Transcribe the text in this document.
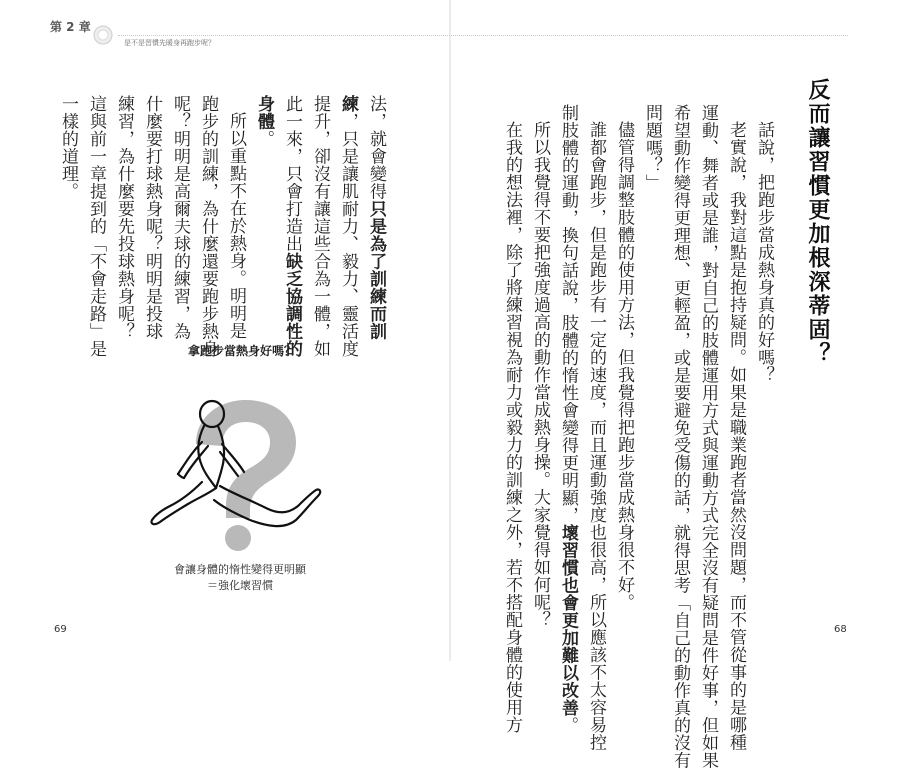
第 2 章
是不是習慣先暖身再跑步呢？
反而讓習慣更加根深蒂固？

話說，把跑步當成熱身真的好嗎？

老實說，我對這點是抱持疑問。如果是職業跑者當然沒問題，而不管從事的是哪種

運動、舞者或是誰，對自己的肢體運用方式與運動方式完全沒有疑問是件好事，但如果

希望動作變得更理想、更輕盈，或是要避免受傷的話，就得思考「自己的動作真的沒有

問題嗎？」

儘管得調整肢體的使用方法，但我覺得把跑步當成熱身很不好。

誰都會跑步，但是跑步有一定的速度，而且運動強度也很高，所以應該不太容易控

制肢體的運動，換句話說，肢體的惰性會變得更明顯，壞習慣也會更加難以改善。

所以我覺得不要把強度過高的動作當成熱身操。大家覺得如何呢？

在我的想法裡，除了將練習視為耐力或毅力的訓練之外，若不搭配身體的使用方

法，就會變得只是為了訓練而訓

練，只是讓肌耐力、毅力、靈活度

提升，卻沒有讓這些合為一體，如

此一來，只會打造出缺乏協調性的

身體。

所以重點不在於熱身。明明是

跑步的訓練，為什麼還要跑步熱身

呢？明明是高爾夫球的練習，為

什麼要打球熱身呢？明明是投球

練習，為什麼要先投球熱身呢？

這與前一章提到的「不會走路」是

一樣的道理。

拿跑步當熱身好嗎？
會讓身體的惰性變得更明顯
＝強化壞習慣
69	68
